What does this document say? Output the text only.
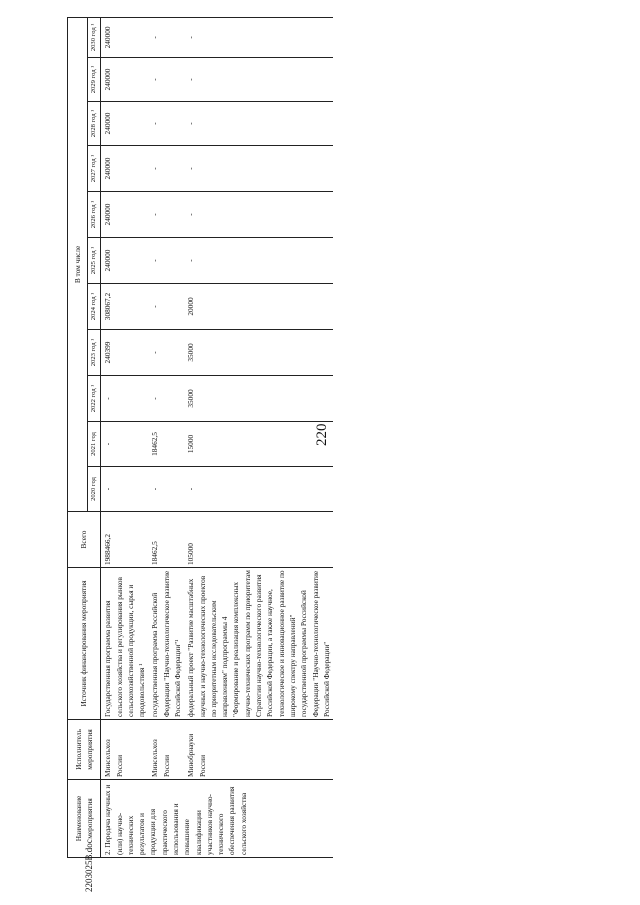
220
Наименование мероприятия	Исполнитель мероприятия	Источник финансирования мероприятия	Всего	В том числе										
				2020 год	2021 год	2022 год ¹	2023 год ¹	2024 год ¹	2025 год ¹	2026 год ¹	2027 год ¹	2028 год ¹	2029 год ¹	2030 год ¹
2. Передача научных и (или) научно-технических результатов и продукции для практического использования и повышение квалификации участников научно-технического обеспечения развития сельского хозяйства	Минсельхоз России	Государственная программа развития сельского хозяйства и регулирования рынков сельскохозяйственной продукции, сырья и продовольствия ¹	1988466,2	-	-	-	240399	308067,2	240000	240000	240000	240000	240000	240000
	Минсельхоз России	государственная программа Российской Федерации "Научно-технологическое развитие Российской Федерации"¹	18462,5	-	18462,5	-	-	-	-	-	-	-	-	-
	Минобрнауки России	федеральный проект "Развитие масштабных научных и научно-технологических проектов по приоритетным исследовательским направлениям" подпрограммы 4 "Формирование и реализация комплексных научно-технических программ по приоритетам Стратегии научно-технологического развития Российской Федерации, а также научное, технологическое и инновационное развитие по широкому спектру направлений" государственной программы Российской Федерации "Научно-технологическое развитие Российской Федерации"	105000	-	15000	35000	35000	20000	-	-	-	-	-	-
2203025B.doc
